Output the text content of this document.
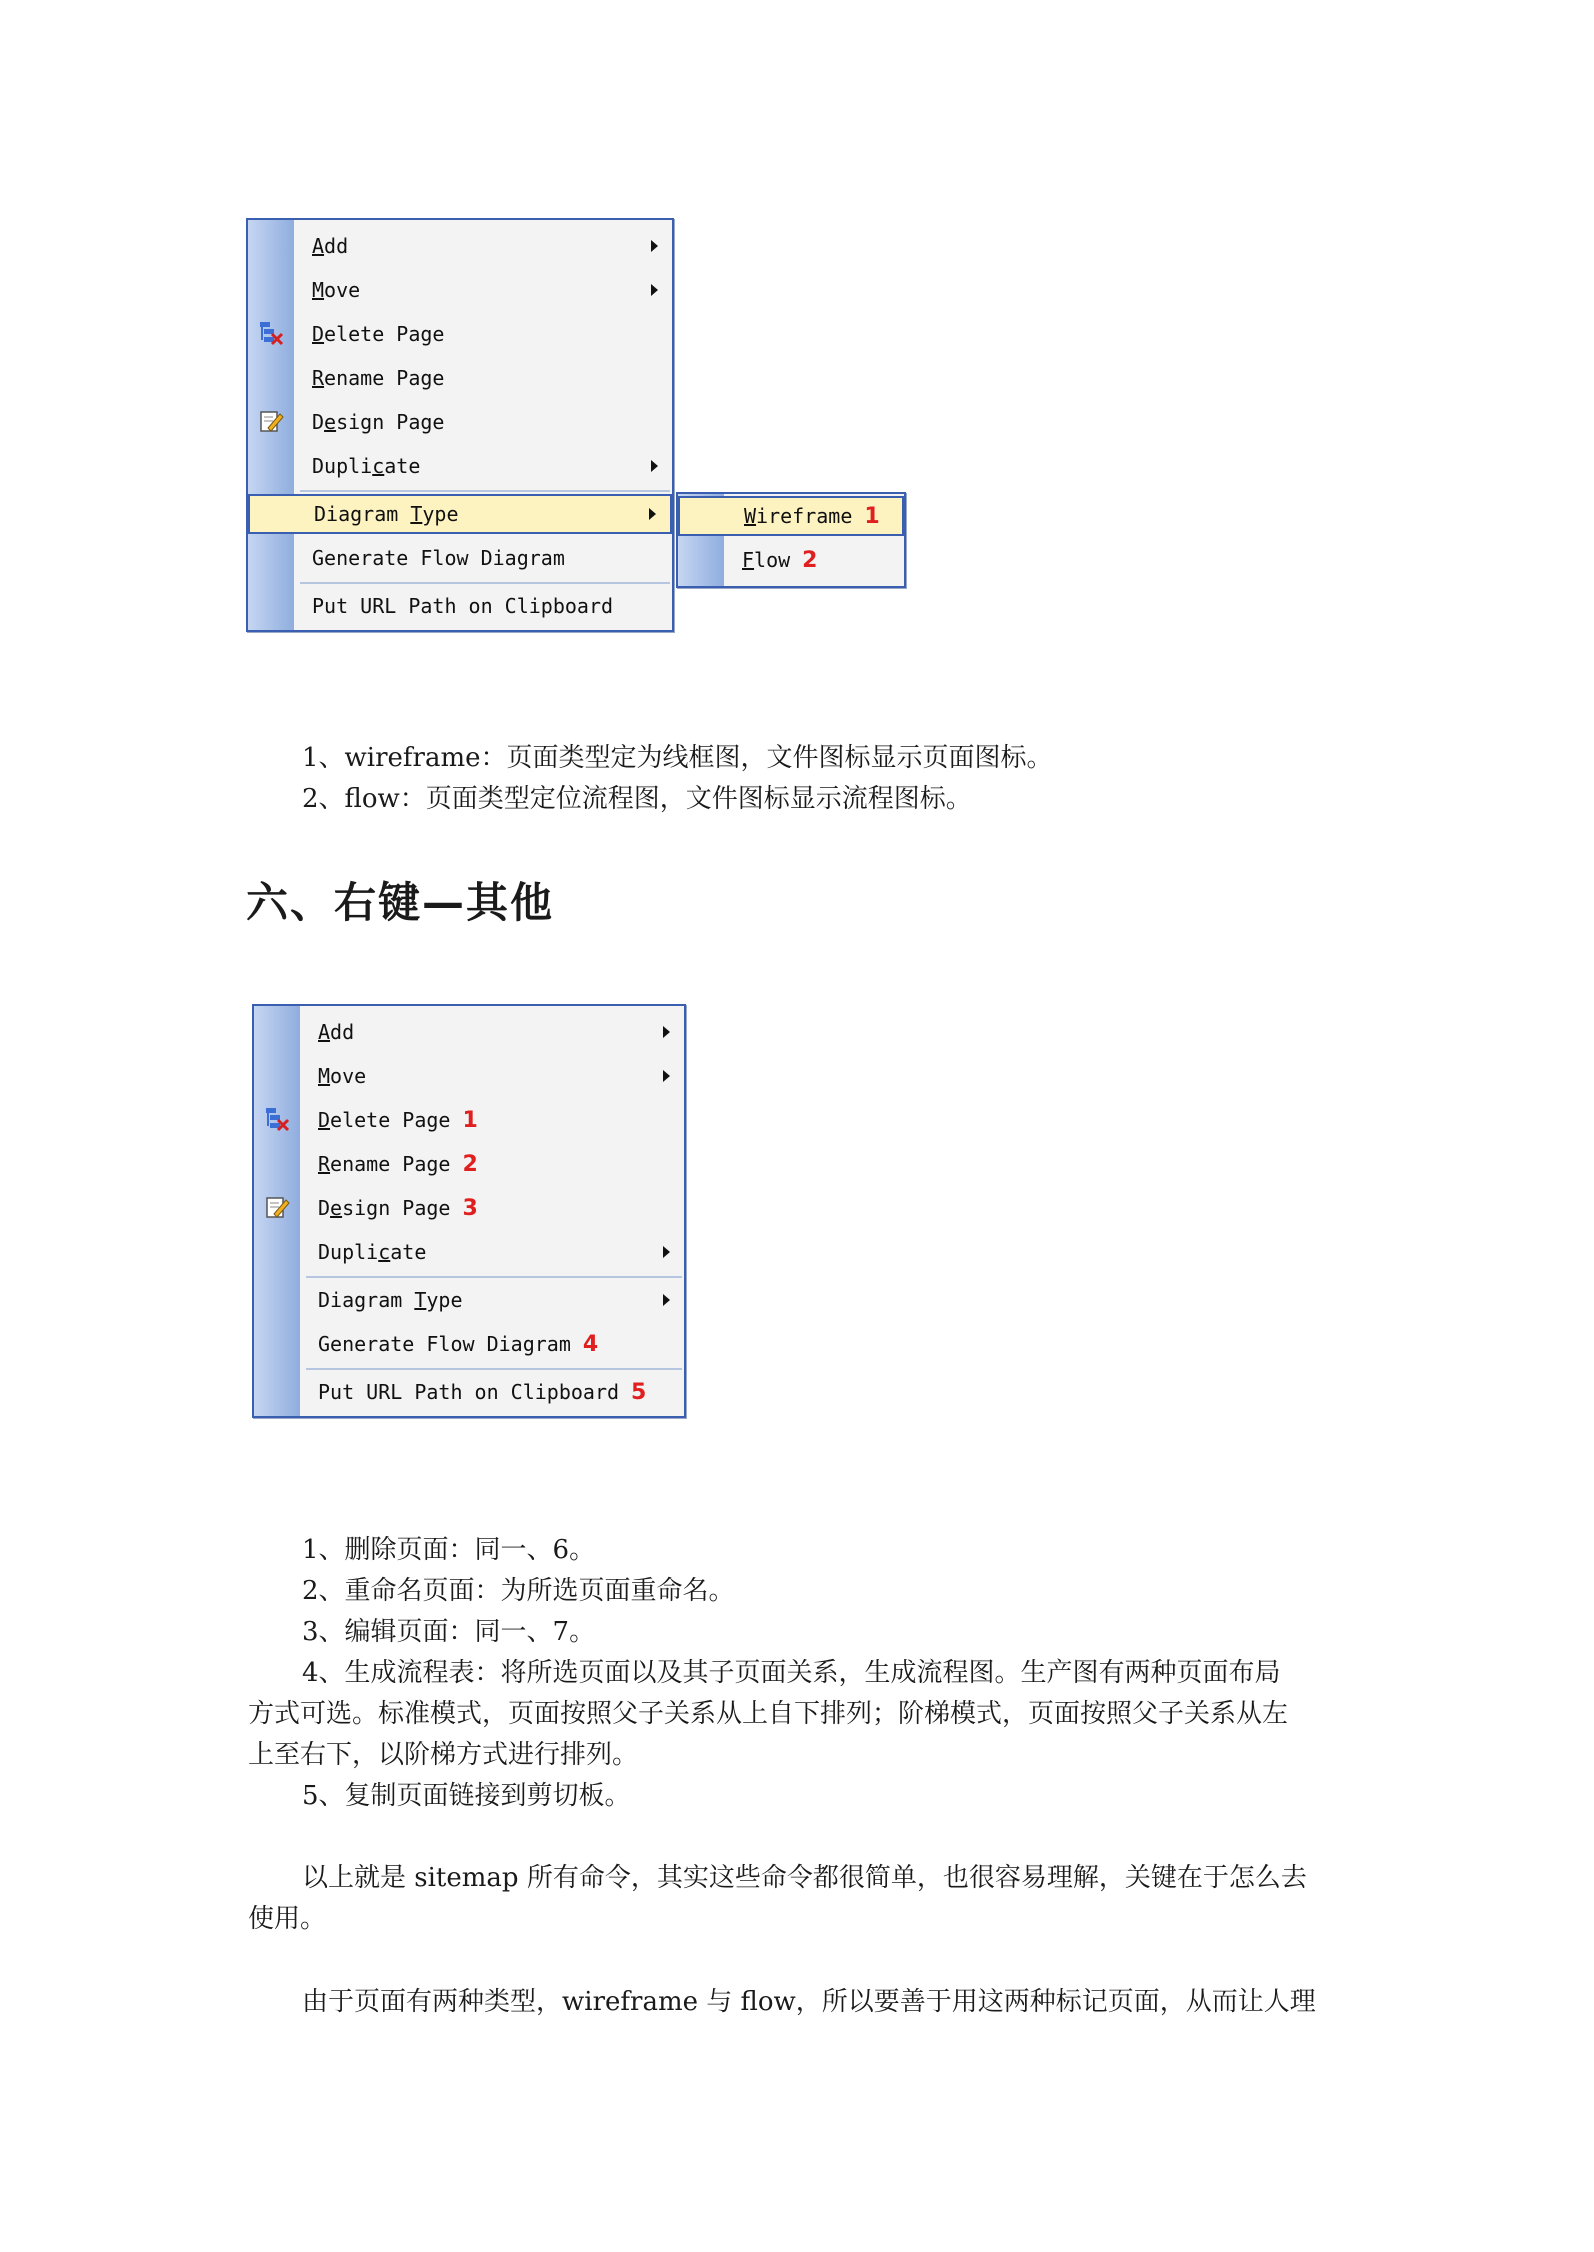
Add
Move
Delete Page
Rename Page
Design Page
Duplicate
Diagram Type
Generate Flow Diagram
Put URL Path on Clipboard
Wireframe 1
Flow 2
1、wireframe：页面类型定为线框图，文件图标显示页面图标。
2、flow：页面类型定位流程图，文件图标显示流程图标。
六、右键—其他
Add
Move
Delete Page 1
Rename Page 2
Design Page 3
Duplicate
Diagram Type
Generate Flow Diagram 4
Put URL Path on Clipboard 5
1、删除页面：同一、6。
2、重命名页面：为所选页面重命名。
3、编辑页面：同一、7。
4、生成流程表：将所选页面以及其子页面关系，生成流程图。生产图有两种页面布局
方式可选。标准模式，页面按照父子关系从上自下排列；阶梯模式，页面按照父子关系从左
上至右下，以阶梯方式进行排列。
5、复制页面链接到剪切板。
以上就是 sitemap 所有命令，其实这些命令都很简单，也很容易理解，关键在于怎么去
使用。
由于页面有两种类型，wireframe 与 flow，所以要善于用这两种标记页面，从而让人理
